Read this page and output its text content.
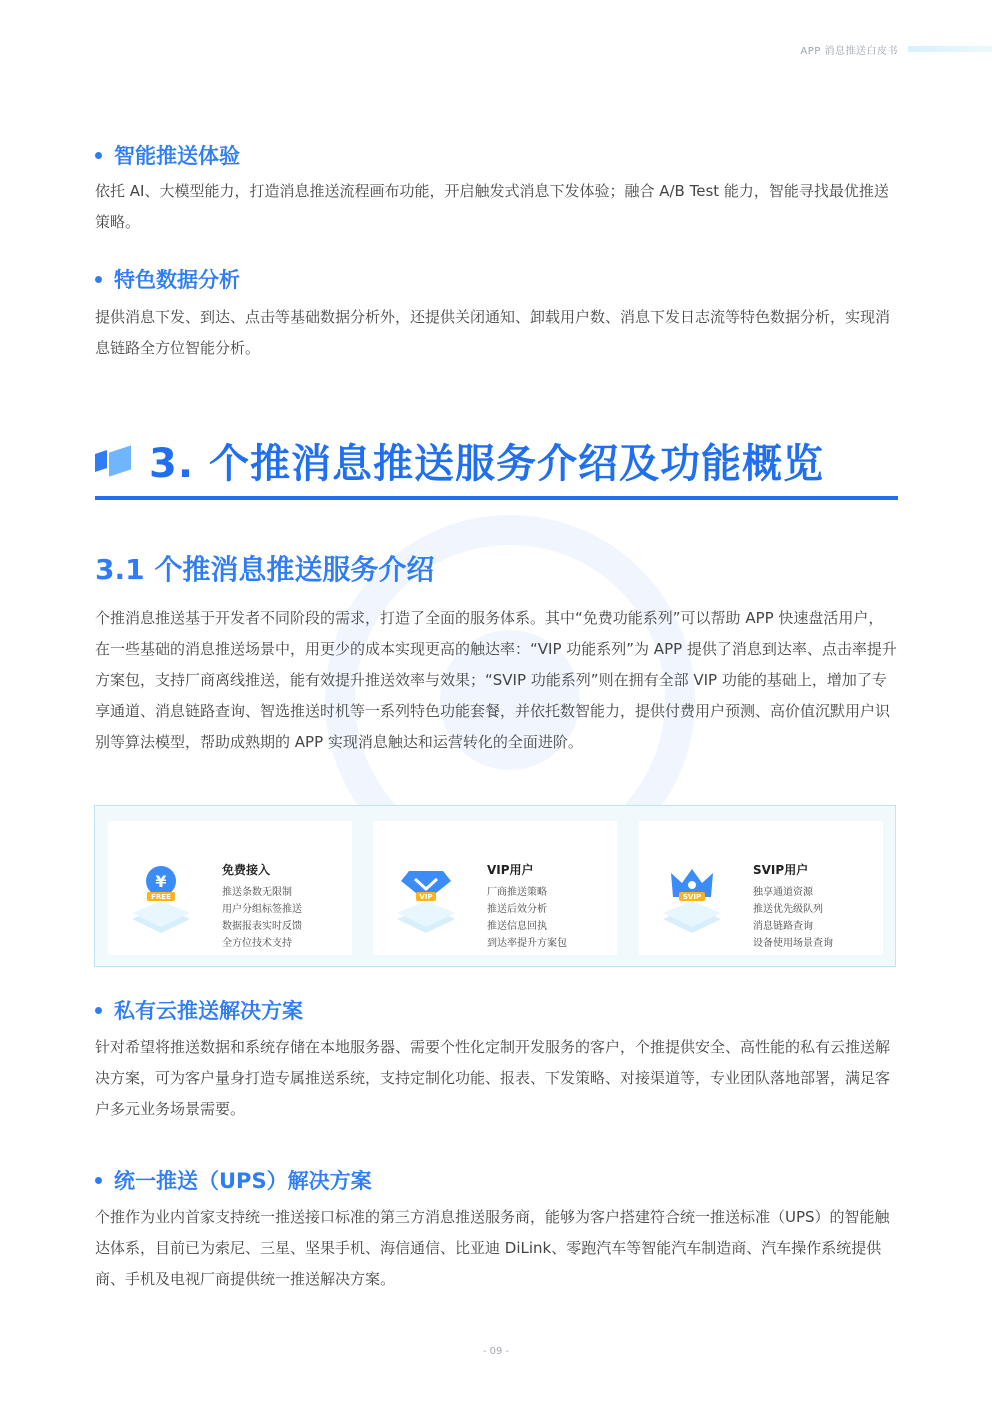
APP 消息推送白皮书
智能推送体验

依托 AI、大模型能力，打造消息推送流程画布功能，开启触发式消息下发体验；融合 A/B Test 能力，智能寻找最优推送策略。

特色数据分析

提供消息下发、到达、点击等基础数据分析外，还提供关闭通知、卸载用户数、消息下发日志流等特色数据分析，实现消息链路全方位智能分析。

3. 个推消息推送服务介绍及功能概览
3.1 个推消息推送服务介绍

个推消息推送基于开发者不同阶段的需求，打造了全面的服务体系。其中“免费功能系列”可以帮助 APP 快速盘活用户，在一些基础的消息推送场景中，用更少的成本实现更高的触达率：“VIP 功能系列”为 APP 提供了消息到达率、点击率提升方案包，支持厂商离线推送，能有效提升推送效率与效果；“SVIP 功能系列”则在拥有全部 VIP 功能的基础上，增加了专享通道、消息链路查询、智选推送时机等一系列特色功能套餐，并依托数智能力，提供付费用户预测、高价值沉默用户识别等算法模型，帮助成熟期的 APP 实现消息触达和运营转化的全面进阶。

¥
FREE
免费接入
推送条数无限制
用户分组标签推送
数据报表实时反馈
全方位技术支持
VIP
VIP用户
厂商推送策略
推送后效分析
推送信息回执
到达率提升方案包
SVIP
SVIP用户
独享通道资源
推送优先级队列
消息链路查询
设备使用场景查询
私有云推送解决方案

针对希望将推送数据和系统存储在本地服务器、需要个性化定制开发服务的客户，个推提供安全、高性能的私有云推送解决方案，可为客户量身打造专属推送系统，支持定制化功能、报表、下发策略、对接渠道等，专业团队落地部署，满足客户多元业务场景需要。

统一推送（UPS）解决方案

个推作为业内首家支持统一推送接口标准的第三方消息推送服务商，能够为客户搭建符合统一推送标准（UPS）的智能触达体系，目前已为索尼、三星、坚果手机、海信通信、比亚迪 DiLink、零跑汽车等智能汽车制造商、汽车操作系统提供商、手机及电视厂商提供统一推送解决方案。

- 09 -
